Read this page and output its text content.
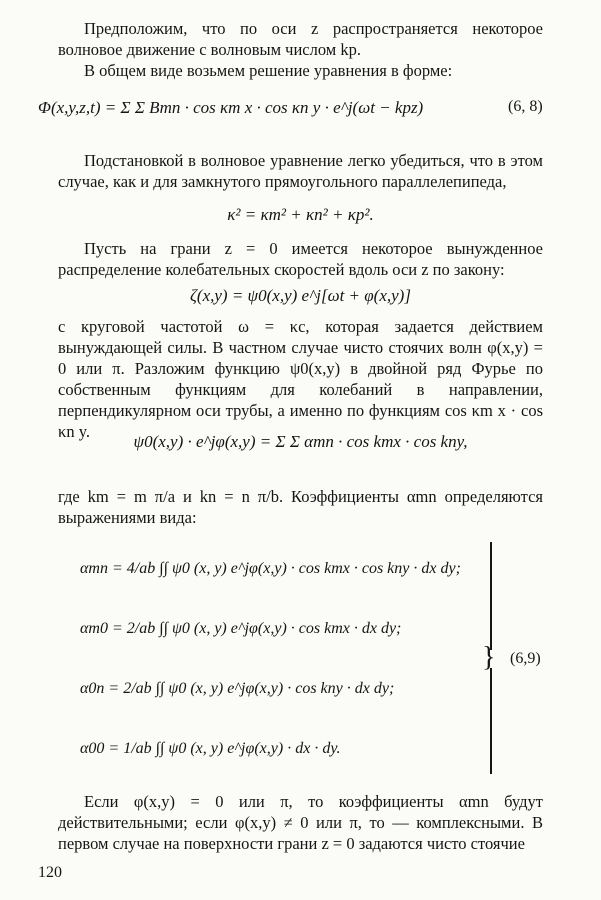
Предположим, что по оси z распространяется некоторое волновое движение с волновым числом kp.

В общем виде возьмем решение уравнения в форме:

Φ(x,y,z,t) = Σ Σ Bmn · cos κm x · cos κn y · e^j(ωt − kpz)	(6, 8)

Подстановкой в волновое уравнение легко убедиться, что в этом случае, как и для замкнутого прямоугольного параллелепипеда,

κ² = κm² + κn² + κp².

Пусть на грани z = 0 имеется некоторое вынужденное распределение колебательных скоростей вдоль оси z по закону:

ζ(x,y) = ψ0(x,y) e^j[ωt + φ(x,y)]

с круговой частотой ω = κc, которая задается действием вынуждающей силы. В частном случае чисто стоячих волн φ(x,y) = 0 или π. Разложим функцию ψ0(x,y) в двойной ряд Фурье по собственным функциям для колебаний в направлении, перпендикулярном оси трубы, а именно по функциям cos κm x · cos κn y.

ψ0(x,y) · e^jφ(x,y) = Σ Σ αmn · cos kmx · cos kny,

где km = m π/a и kn = n π/b. Коэффициенты αmn определяются выражениями вида:

αmn = 4/ab ∫∫ ψ0 (x, y) e^jφ(x,y) · cos kmx · cos kny · dx dy;
αm0 = 2/ab ∫∫ ψ0 (x, y) e^jφ(x,y) · cos kmx · dx dy;
α0n = 2/ab ∫∫ ψ0 (x, y) e^jφ(x,y) · cos kny · dx dy;
α00 = 1/ab ∫∫ ψ0 (x, y) e^jφ(x,y) · dx · dy.
} (6,9)

Если φ(x,y) = 0 или π, то коэффициенты αmn будут действительными; если φ(x,y) ≠ 0 или π, то — комплексными. В первом случае на поверхности грани z = 0 задаются чисто стоячие

120
